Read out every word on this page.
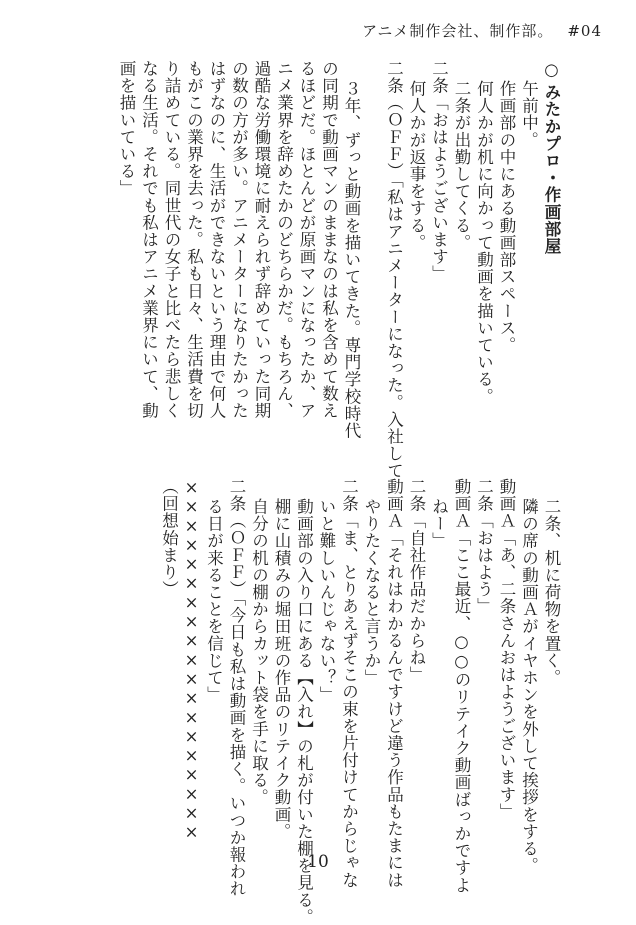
アニメ制作会社、制作部。 #04
○みたかプロ・作画部屋
午前中。
作画部の中にある動画部スペース。
何人かが机に向かって動画を描いている。
二条が出勤してくる。
二条「おはようございます」
何人かが返事をする。
二条（ＯＦＦ）「私はアニメーターになった。入社して
３年、ずっと動画を描いてきた。専門学校時代
の同期で動画マンのままなのは私を含めて数え
るほどだ。ほとんどが原画マンになったか、ア
ニメ業界を辞めたかのどちらかだ。もちろん、
過酷な労働環境に耐えられず辞めていった同期
の数の方が多い。アニメーターになりたかった
はずなのに、生活ができないという理由で何人
もがこの業界を去った。私も日々、生活費を切
り詰めている。同世代の女子と比べたら悲しく
なる生活。それでも私はアニメ業界にいて、動
画を描いている」
二条、机に荷物を置く。
隣の席の動画Ａがイヤホンを外して挨拶をする。
動画Ａ「あ、二条さんおはようございます」
二条「おはよう」
動画Ａ「ここ最近、○○のリテイク動画ばっかですよ
ねー」
二条「自社作品だからね」
動画Ａ「それはわかるんですけど違う作品もたまには
やりたくなると言うか」
二条「ま、とりあえずそこの束を片付けてからじゃな
いと難しいんじゃない？」
動画部の入り口にある【入れ】の札が付いた棚を見る。
棚に山積みの堀田班の作品のリテイク動画。
自分の机の棚からカット袋を手に取る。
二条（ＯＦＦ）「今日も私は動画を描く。いつか報われ
る日が来ることを信じて」
×××××××××××××××××××
（回想始まり）
10
